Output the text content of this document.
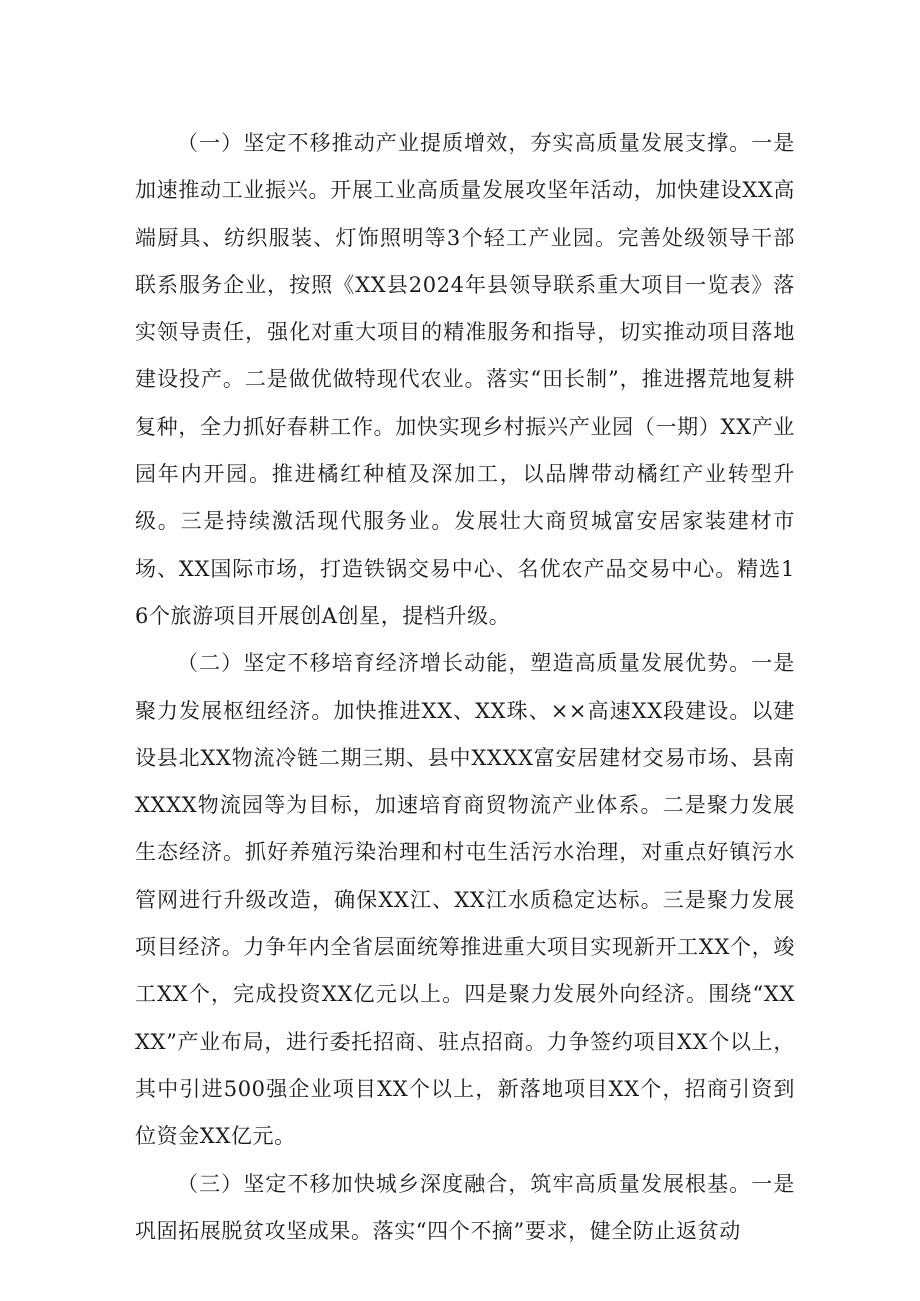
（一）坚定不移推动产业提质增效，夯实高质量发展支撑。一是加速推动工业振兴。开展工业高质量发展攻坚年活动，加快建设XX高端厨具、纺织服装、灯饰照明等3个轻工产业园。完善处级领导干部联系服务企业，按照《XX县2024年县领导联系重大项目一览表》落实领导责任，强化对重大项目的精准服务和指导，切实推动项目落地建设投产。二是做优做特现代农业。落实“田长制”，推进撂荒地复耕复种，全力抓好春耕工作。加快实现乡村振兴产业园（一期）XX产业园年内开园。推进橘红种植及深加工，以品牌带动橘红产业转型升级。三是持续激活现代服务业。发展壮大商贸城富安居家装建材市场、XX国际市场，打造铁锅交易中心、名优农产品交易中心。精选16个旅游项目开展创A创星，提档升级。

（二）坚定不移培育经济增长动能，塑造高质量发展优势。一是聚力发展枢纽经济。加快推进XX、XX珠、××高速XX段建设。以建设县北XX物流冷链二期三期、县中XXXX富安居建材交易市场、县南XXXX物流园等为目标，加速培育商贸物流产业体系。二是聚力发展生态经济。抓好养殖污染治理和村屯生活污水治理，对重点好镇污水管网进行升级改造，确保XX江、XX江水质稳定达标。三是聚力发展项目经济。力争年内全省层面统筹推进重大项目实现新开工XX个，竣工XX个，完成投资XX亿元以上。四是聚力发展外向经济。围绕“XXXX”产业布局，进行委托招商、驻点招商。力争签约项目XX个以上，其中引进500强企业项目XX个以上，新落地项目XX个，招商引资到位资金XX亿元。

（三）坚定不移加快城乡深度融合，筑牢高质量发展根基。一是巩固拓展脱贫攻坚成果。落实“四个不摘”要求，健全防止返贫动
